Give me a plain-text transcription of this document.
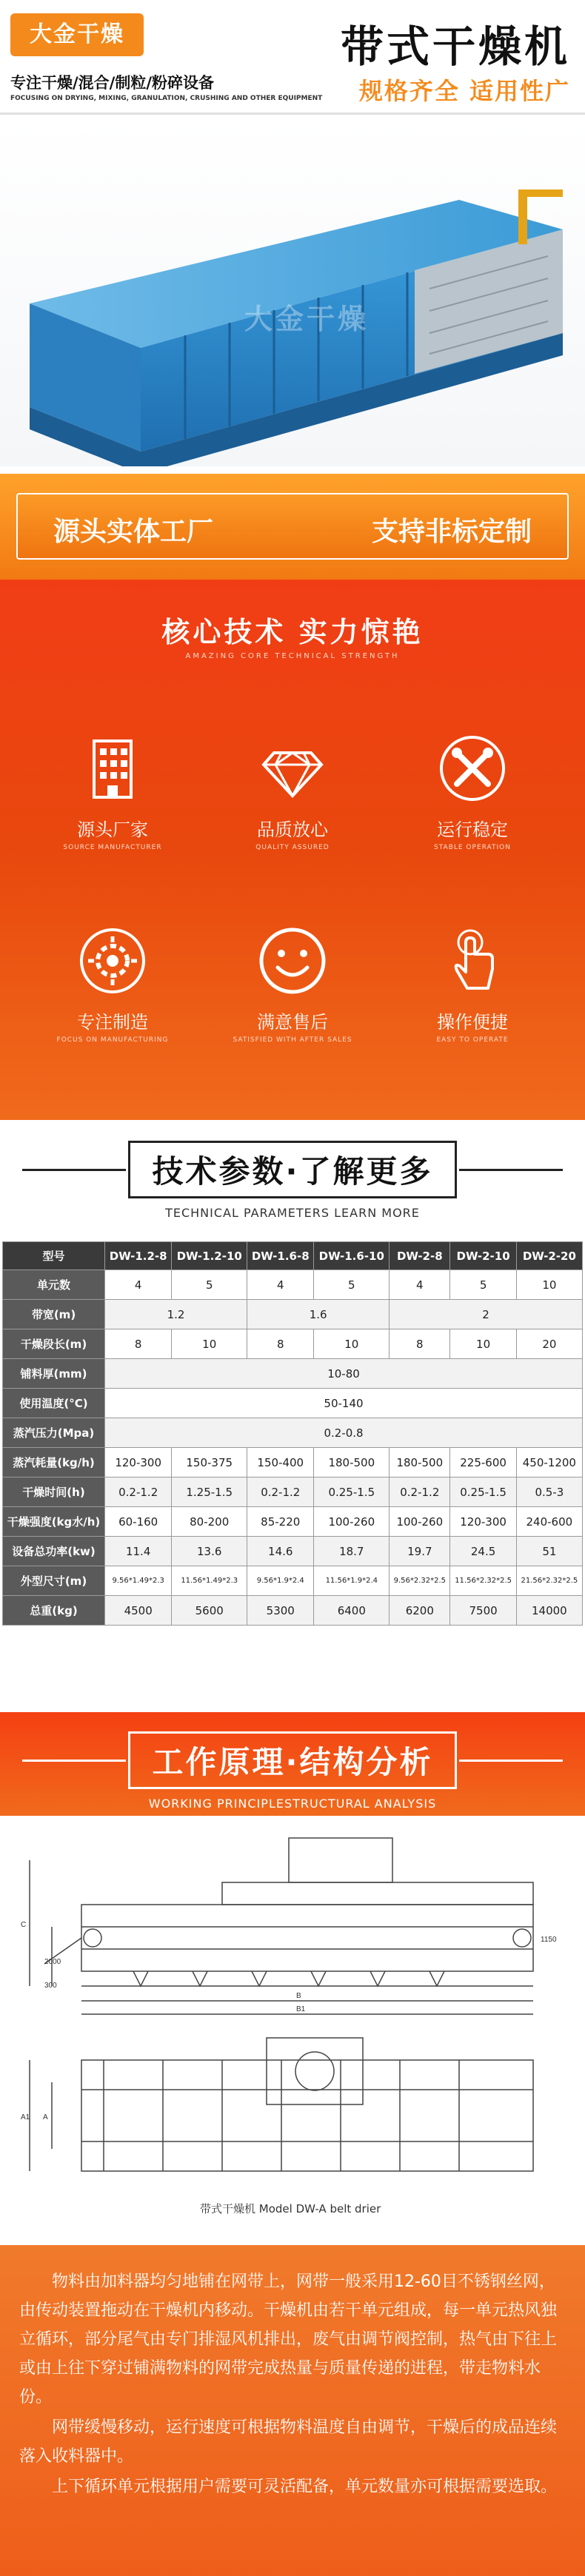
大金干燥	带式干燥机
专注干燥/混合/制粒/粉碎设备
FOCUSING ON DRYING, MIXING, GRANULATION, CRUSHING AND OTHER EQUIPMENT 规格齐全 适用性广
大金干燥
源头实体工厂	支持非标定制
核心技术 实力惊艳
AMAZING CORE TECHNICAL STRENGTH
源头厂家
SOURCE MANUFACTURER
品质放心
QUALITY ASSURED
运行稳定
STABLE OPERATION
专注制造
FOCUS ON MANUFACTURING
满意售后
SATISFIED WITH AFTER SALES
操作便捷
EASY TO OPERATE
技术参数·了解更多
TECHNICAL PARAMETERS LEARN MORE
型号	DW-1.2-8	DW-1.2-10	DW-1.6-8	DW-1.6-10	DW-2-8	DW-2-10	DW-2-20
单元数	4	5	4	5	4	5	10
带宽(m)	1.2		1.6		2		
干燥段长(m)	8	10	8	10	8	10	20
铺料厚(mm)	10-80						
使用温度(°C)	50-140						
蒸汽压力(Mpa)	0.2-0.8						
蒸汽耗量(kg/h)	120-300	150-375	150-400	180-500	180-500	225-600	450-1200
干燥时间(h)	0.2-1.2	1.25-1.5	0.2-1.2	0.25-1.5	0.2-1.2	0.25-1.5	0.5-3
干燥强度(kg水/h)	60-160	80-200	85-220	100-260	100-260	120-300	240-600
设备总功率(kw)	11.4	13.6	14.6	18.7	19.7	24.5	51
外型尺寸(m)	9.56*1.49*2.3	11.56*1.49*2.3	9.56*1.9*2.4	11.56*1.9*2.4	9.56*2.32*2.5	11.56*2.32*2.5	21.56*2.32*2.5
总重(kg)	4500	5600	5300	6400	6200	7500	14000
工作原理·结构分析
WORKING PRINCIPLESTRUCTURAL ANALYSIS
C
2000
300
1150
B
B1
A1 A
带式干燥机 Model DW-A belt drier

物料由加料器均匀地铺在网带上，网带一般采用12-60目不锈钢丝网，由传动装置拖动在干燥机内移动。干燥机由若干单元组成，每一单元热风独立循环，部分尾气由专门排湿风机排出，废气由调节阀控制，热气由下往上或由上往下穿过铺满物料的网带完成热量与质量传递的进程，带走物料水份。

网带缓慢移动，运行速度可根据物料温度自由调节，干燥后的成品连续落入收料器中。

上下循环单元根据用户需要可灵活配备，单元数量亦可根据需要选取。
